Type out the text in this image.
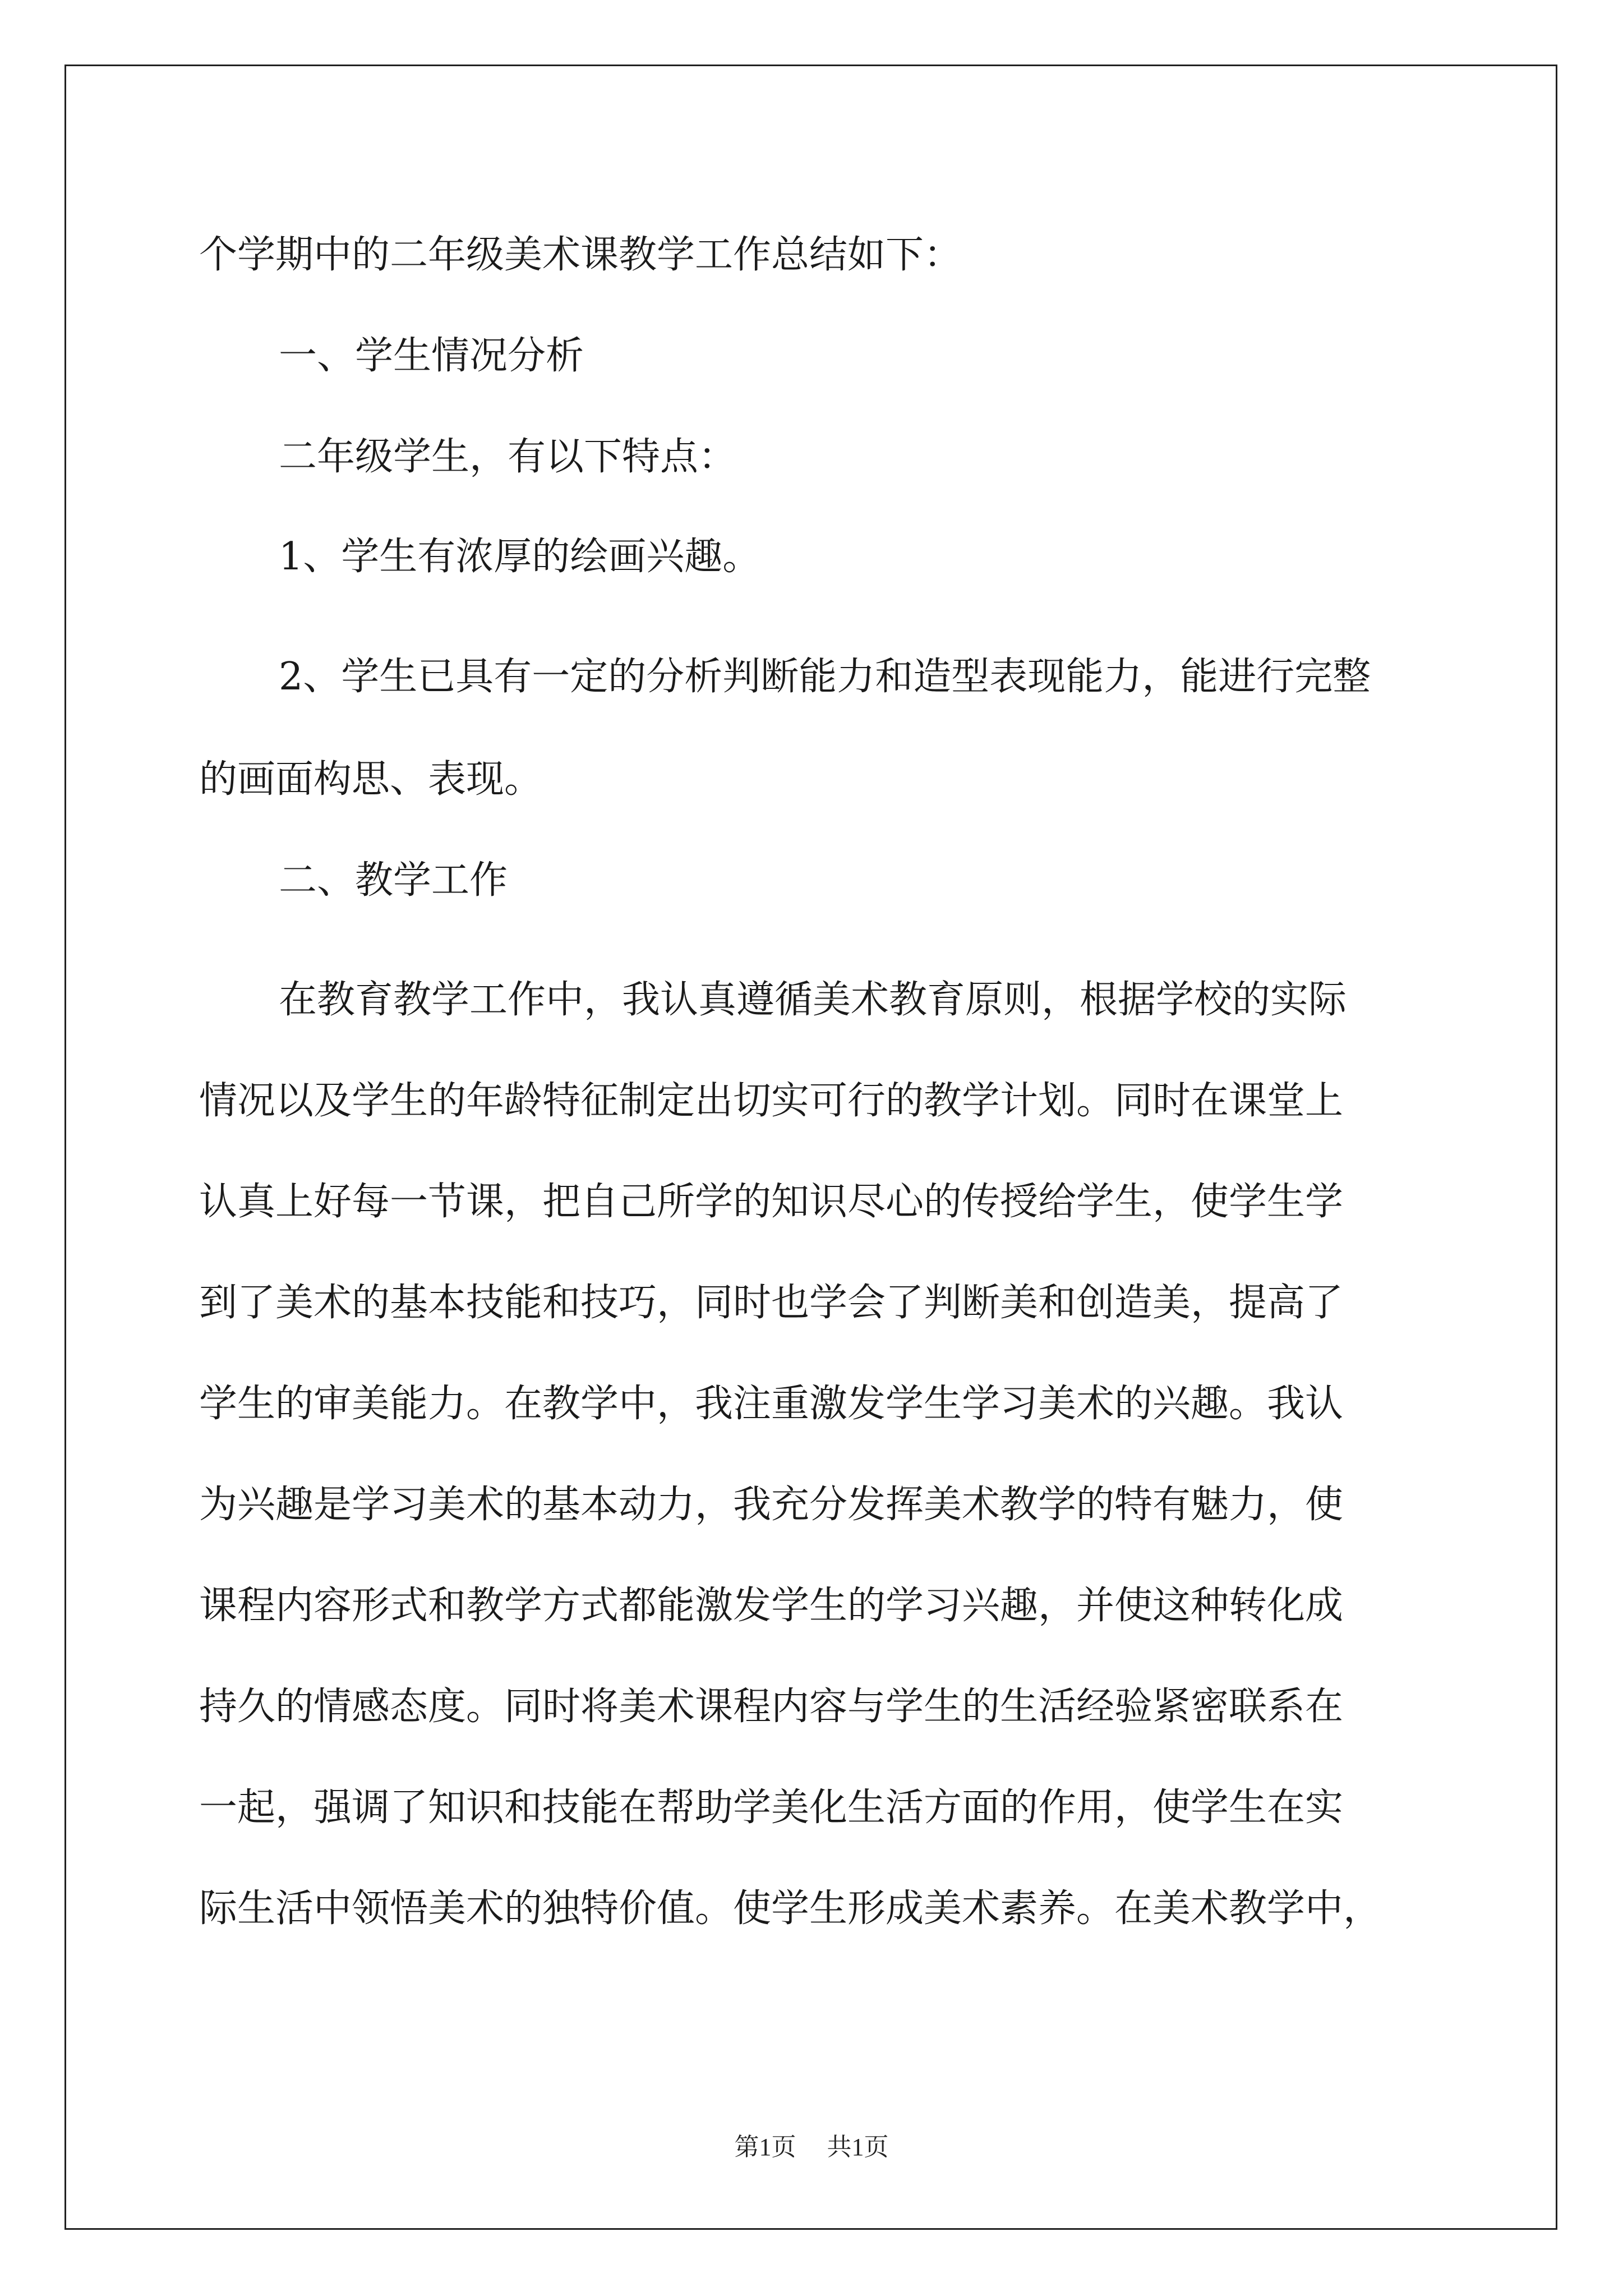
个学期中的二年级美术课教学工作总结如下：
一、学生情况分析
二年级学生，有以下特点：
1、学生有浓厚的绘画兴趣。
2、学生已具有一定的分析判断能力和造型表现能力，能进行完整
的画面构思、表现。
二、教学工作
在教育教学工作中，我认真遵循美术教育原则，根据学校的实际
情况以及学生的年龄特征制定出切实可行的教学计划。同时在课堂上
认真上好每一节课，把自己所学的知识尽心的传授给学生，使学生学
到了美术的基本技能和技巧，同时也学会了判断美和创造美，提高了
学生的审美能力。在教学中，我注重激发学生学习美术的兴趣。我认
为兴趣是学习美术的基本动力，我充分发挥美术教学的特有魅力，使
课程内容形式和教学方式都能激发学生的学习兴趣，并使这种转化成
持久的情感态度。同时将美术课程内容与学生的生活经验紧密联系在
一起，强调了知识和技能在帮助学美化生活方面的作用，使学生在实
际生活中领悟美术的独特价值。使学生形成美术素养。在美术教学中，
第1页 共1页
